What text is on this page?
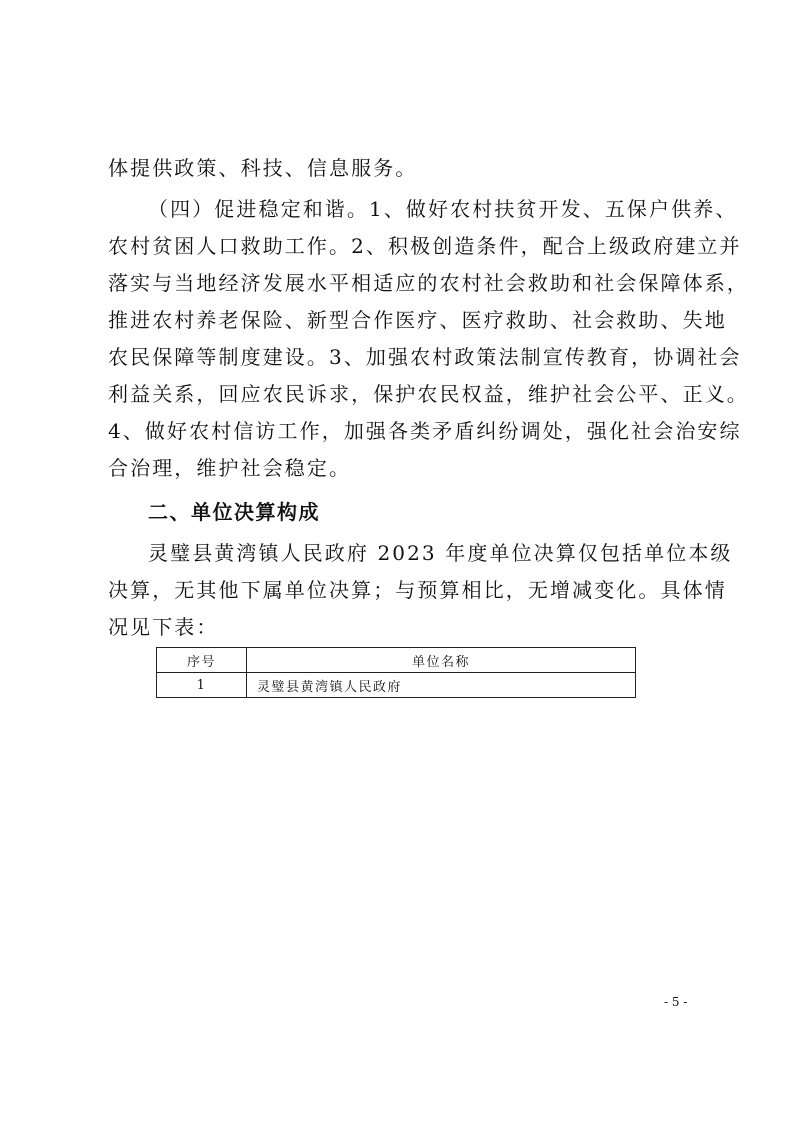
体提供政策、科技、信息服务。
（四）促进稳定和谐。1、做好农村扶贫开发、五保户供养、
农村贫困人口救助工作。2、积极创造条件，配合上级政府建立并
落实与当地经济发展水平相适应的农村社会救助和社会保障体系，
推进农村养老保险、新型合作医疗、医疗救助、社会救助、失地
农民保障等制度建设。3、加强农村政策法制宣传教育，协调社会
利益关系，回应农民诉求，保护农民权益，维护社会公平、正义。
4、做好农村信访工作，加强各类矛盾纠纷调处，强化社会治安综
合治理，维护社会稳定。
二、单位决算构成
灵璧县黄湾镇人民政府 2023 年度单位决算仅包括单位本级
决算，无其他下属单位决算；与预算相比，无增减变化。具体情
况见下表：
序号	单位名称
1	灵璧县黄湾镇人民政府
- 5 -
